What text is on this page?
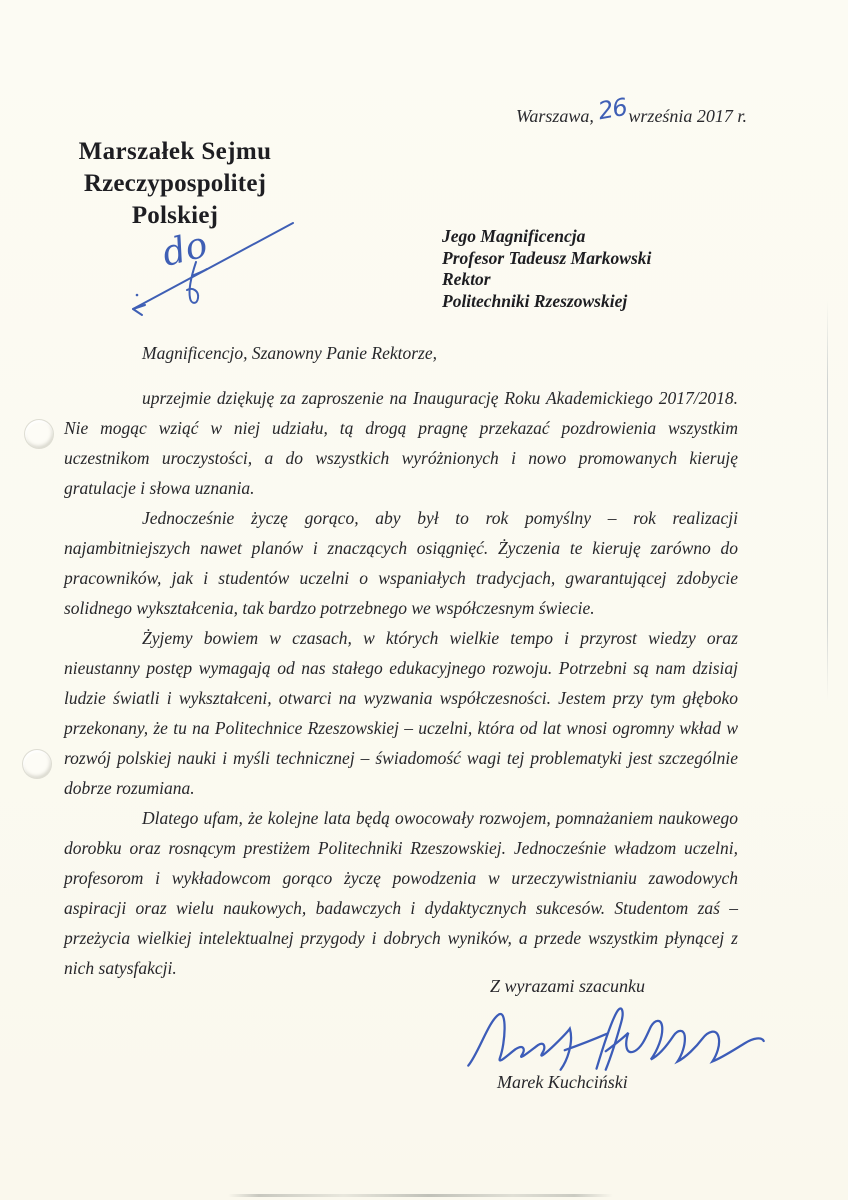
Warszawa,26września 2017 r.
Marszałek Sejmu
Rzeczypospolitej Polskiej
do	Jego Magnificencja
Profesor Tadeusz Markowski
Rektor
Politechniki Rzeszowskiej

Magnificencjo, Szanowny Panie Rektorze,

uprzejmie dziękuję za zaproszenie na Inaugurację Roku Akademickiego 2017/2018. Nie mogąc wziąć w niej udziału, tą drogą pragnę przekazać pozdrowienia wszystkim uczestnikom uroczystości, a do wszystkich wyróżnionych i nowo promowanych kieruję gratulacje i słowa uznania.

Jednocześnie życzę gorąco, aby był to rok pomyślny – rok realizacji najambitniejszych nawet planów i znaczących osiągnięć. Życzenia te kieruję zarówno do pracowników, jak i studentów uczelni o wspaniałych tradycjach, gwarantującej zdobycie solidnego wykształcenia, tak bardzo potrzebnego we współczesnym świecie.

Żyjemy bowiem w czasach, w których wielkie tempo i przyrost wiedzy oraz nieustanny postęp wymagają od nas stałego edukacyjnego rozwoju. Potrzebni są nam dzisiaj ludzie światli i wykształceni, otwarci na wyzwania współczesności. Jestem przy tym głęboko przekonany, że tu na Politechnice Rzeszowskiej – uczelni, która od lat wnosi ogromny wkład w rozwój polskiej nauki i myśli technicznej – świadomość wagi tej problematyki jest szczególnie dobrze rozumiana.

Dlatego ufam, że kolejne lata będą owocowały rozwojem, pomnażaniem naukowego dorobku oraz rosnącym prestiżem Politechniki Rzeszowskiej. Jednocześnie władzom uczelni, profesorom i wykładowcom gorąco życzę powodzenia w urzeczywistnianiu zawodowych aspiracji oraz wielu naukowych, badawczych i dydaktycznych sukcesów. Studentom zaś – przeżycia wielkiej intelektualnej przygody i dobrych wyników, a przede wszystkim płynącej z nich satysfakcji.

Z wyrazami szacunku
Marek Kuchciński
